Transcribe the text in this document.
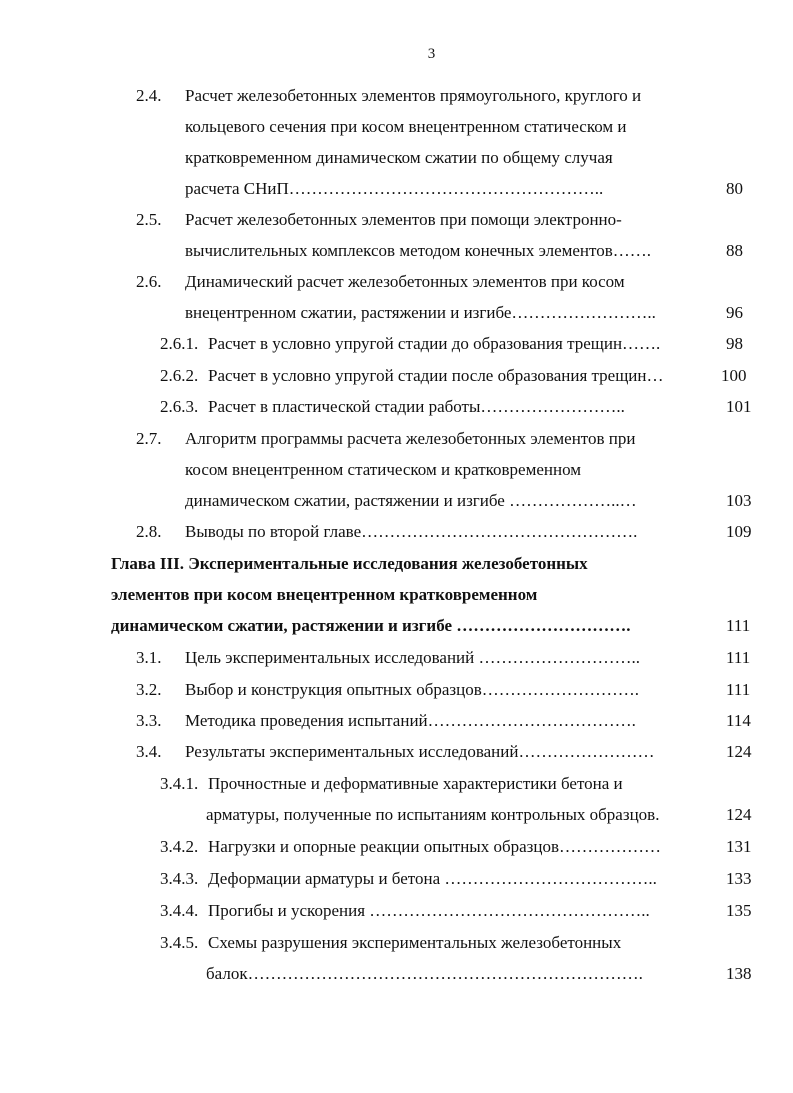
3
2.4. Расчет железобетонных элементов прямоугольного, круглого и
кольцевого сечения при косом внецентренном статическом и
кратковременном динамическом сжатии по общему случая
расчета СНиП………………………………………………..	80
2.5. Расчет железобетонных элементов при помощи электронно-
вычислительных комплексов методом конечных элементов…….	88
2.6. Динамический расчет железобетонных элементов при косом
внецентренном сжатии, растяжении и изгибе……………………..	96
2.6.1. Расчет в условно упругой стадии до образования трещин…….	98
2.6.2. Расчет в условно упругой стадии после образования трещин…	100
2.6.3. Расчет в пластической стадии работы……………………..	101
2.7. Алгоритм программы расчета железобетонных элементов при
косом внецентренном статическом и кратковременном
динамическом сжатии, растяжении и изгибе ………………..…	103
2.8. Выводы по второй главе………………………………………….	109
Глава III. Экспериментальные исследования железобетонных
элементов при косом внецентренном кратковременном
динамическом сжатии, растяжении и изгибе ………………………….	111
3.1. Цель экспериментальных исследований ………………………..	111
3.2. Выбор и конструкция опытных образцов……………………….	111
3.3. Методика проведения испытаний……………………………….	114
3.4. Результаты экспериментальных исследований……………………	124
3.4.1. Прочностные и деформативные характеристики бетона и
арматуры, полученные по испытаниям контрольных образцов.	124
3.4.2. Нагрузки и опорные реакции опытных образцов………………	131
3.4.3. Деформации арматуры и бетона ………………………………..	133
3.4.4. Прогибы и ускорения …………………………………………..	135
3.4.5. Схемы разрушения экспериментальных железобетонных
балок…………………………………………………………….	138
